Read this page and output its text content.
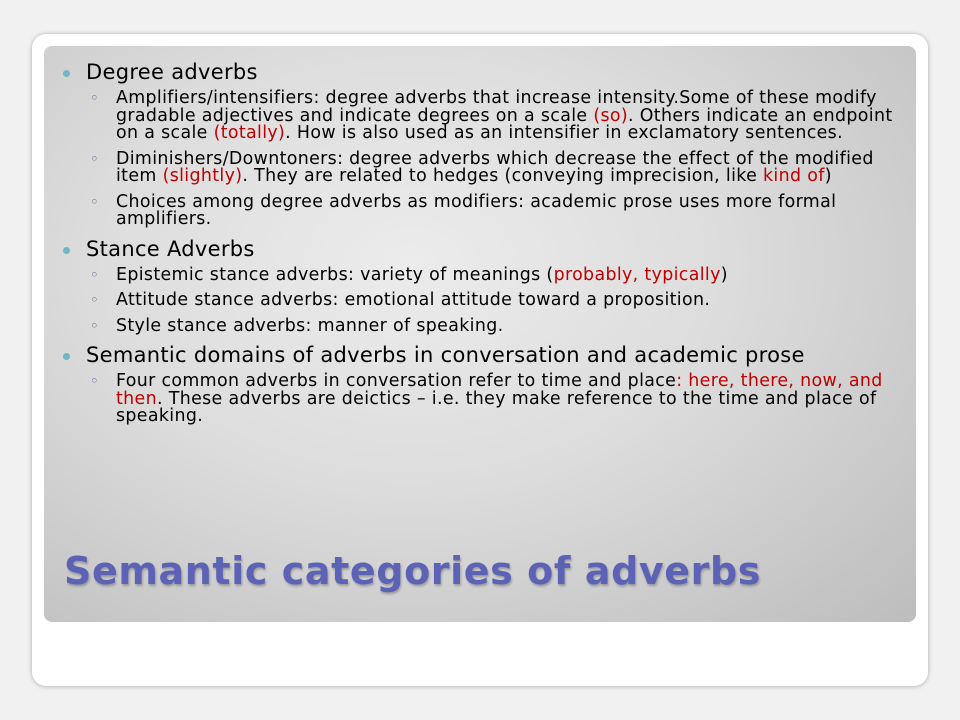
Degree adverbs
◦ Amplifiers/intensifiers: degree adverbs that increase intensity.Some of these modify gradable adjectives and indicate degrees on a scale (so). Others indicate an endpoint on a scale (totally). How is also used as an intensifier in exclamatory sentences.
◦ Diminishers/Downtoners: degree adverbs which decrease the effect of the modified item (slightly). They are related to hedges (conveying imprecision, like kind of)
◦ Choices among degree adverbs as modifiers: academic prose uses more formal amplifiers.
Stance Adverbs
◦ Epistemic stance adverbs: variety of meanings (probably, typically)
◦ Attitude stance adverbs: emotional attitude toward a proposition.
◦ Style stance adverbs: manner of speaking.
Semantic domains of adverbs in conversation and academic prose
◦ Four common adverbs in conversation refer to time and place: here, there, now, and then. These adverbs are deictics – i.e. they make reference to the time and place of speaking.
Semantic categories of adverbs
